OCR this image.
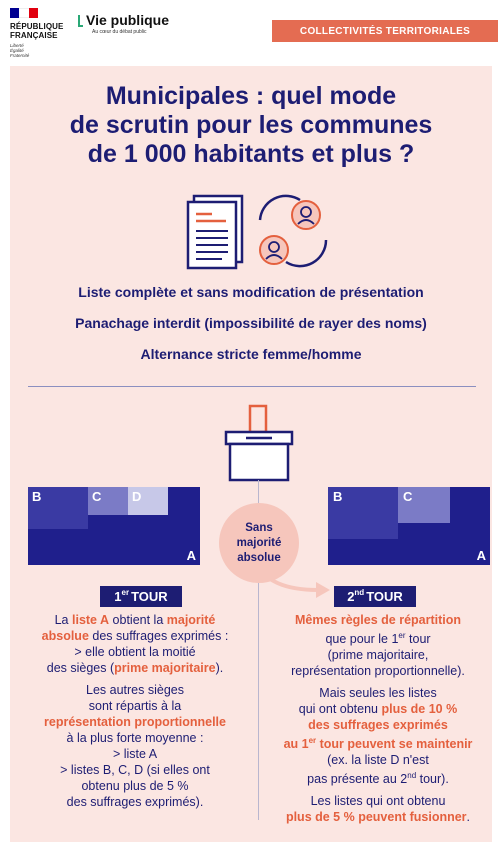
RÉPUBLIQUE
FRANÇAISE
Liberté
Égalité
Fraternité
Vie publique
Au cœur du débat public	COLLECTIVITÉS TERRITORIALES
Municipales : quel mode
de scrutin pour les communes
de 1 000 habitants et plus ?
Liste complète et sans modification de présentation
Panachage interdit (impossibilité de rayer des noms)
Alternance stricte femme/homme
B	C D
A
B	C
A
Sans
majorité
absolue
1er TOUR	2nd TOUR

La liste A obtient la majorité
absolue des suffrages exprimés :
> elle obtient la moitié
des sièges (prime majoritaire).

Les autres sièges
sont répartis à la
représentation proportionnelle
à la plus forte moyenne :
> liste A
> listes B, C, D (si elles ont
obtenu plus de 5 %
des suffrages exprimés).

Mêmes règles de répartition
que pour le 1er tour
(prime majoritaire,
représentation proportionnelle).

Mais seules les listes
qui ont obtenu plus de 10 %
des suffrages exprimés
au 1er tour peuvent se maintenir
(ex. la liste D n'est
pas présente au 2nd tour).

Les listes qui ont obtenu
plus de 5 % peuvent fusionner.
